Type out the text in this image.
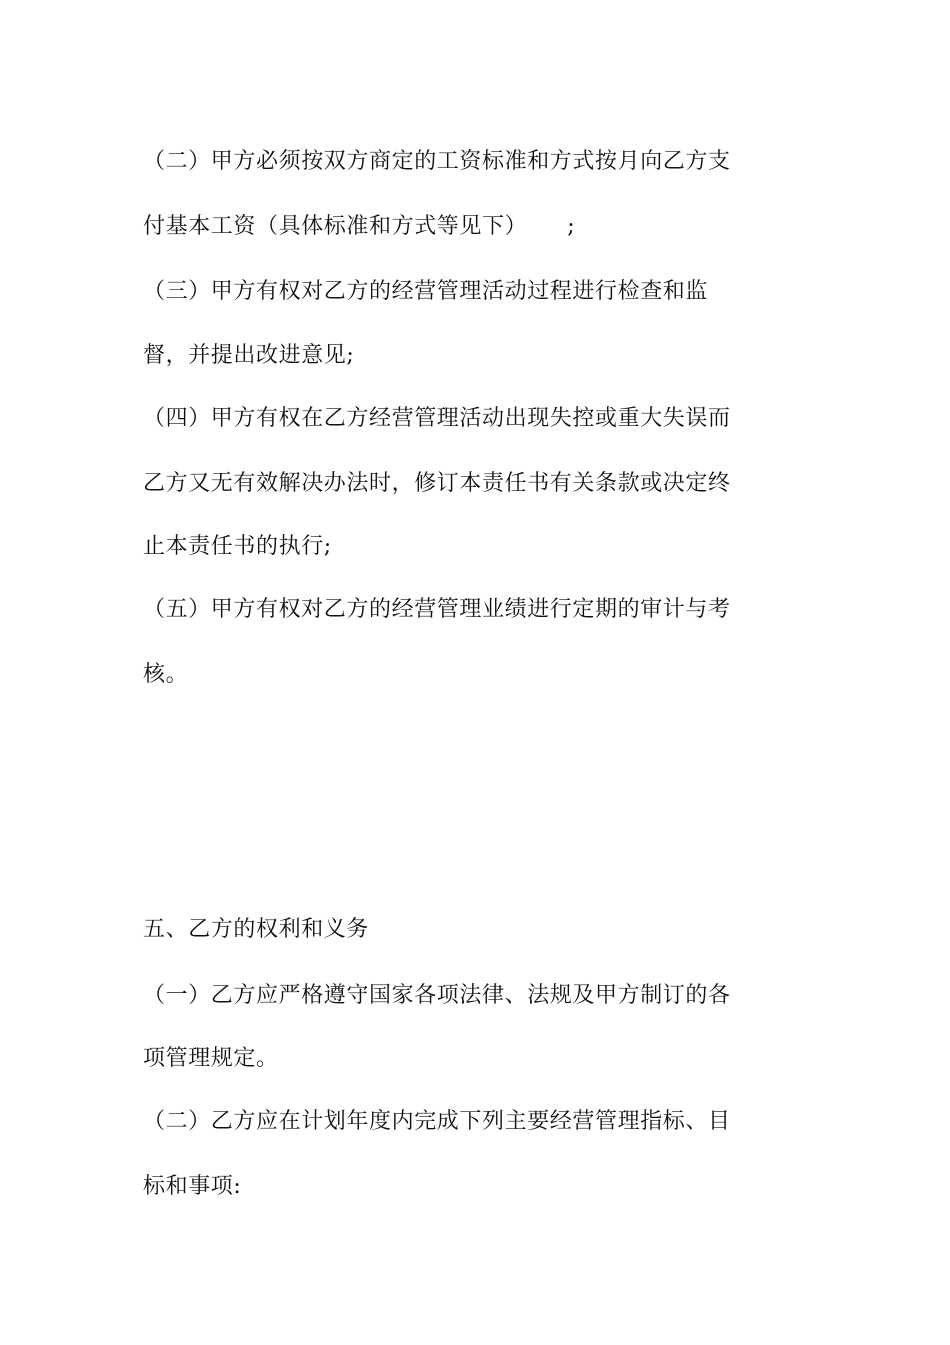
（二）甲方必须按双方商定的工资标准和方式按月向乙方支
付基本工资（具体标准和方式等见下） ;
（三）甲方有权对乙方的经营管理活动过程进行检查和监
督，并提出改进意见;
（四）甲方有权在乙方经营管理活动出现失控或重大失误而
乙方又无有效解决办法时，修订本责任书有关条款或决定终
止本责任书的执行;
（五）甲方有权对乙方的经营管理业绩进行定期的审计与考
核。
五、乙方的权利和义务
（一）乙方应严格遵守国家各项法律、法规及甲方制订的各
项管理规定。
（二）乙方应在计划年度内完成下列主要经营管理指标、目
标和事项:
